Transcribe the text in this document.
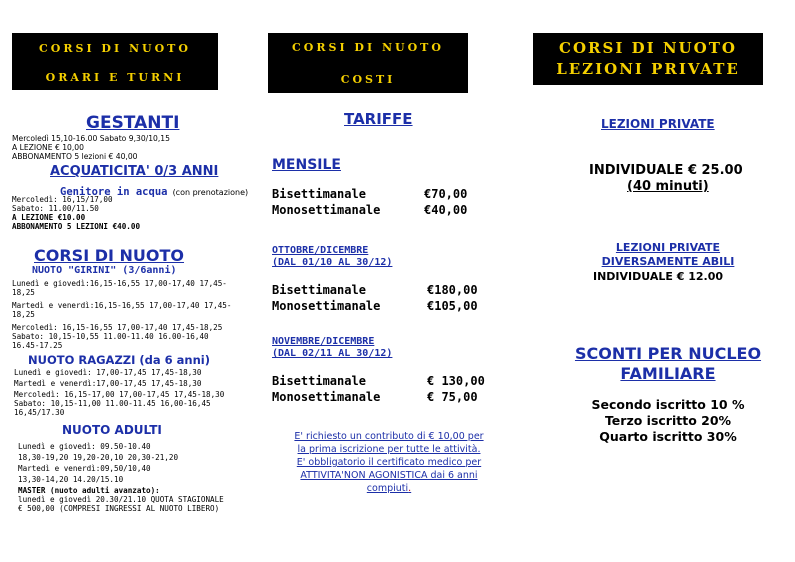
CORSI DI NUOTO
ORARI E TURNI
GESTANTI
Mercoledì 15,10-16.00 Sabato 9,30/10,15
A LEZIONE € 10,00
ABBONAMENTO 5 lezioni € 40,00
ACQUATICITA' 0/3 ANNI
Genitore in acqua (con prenotazione)
Mercoledì: 16,15/17,00
Sabato: 11.00/11.50
A LEZIONE €10.00
ABBONAMENTO 5 LEZIONI €40.00
CORSI DI NUOTO
NUOTO "GIRINI" (3/6anni)
Lunedì e giovedì:16,15-16,55 17,00-17,40 17,45-
18,25
Martedì e venerdì:16,15-16,55 17,00-17,40 17,45-
18,25
Mercoledì: 16,15-16,55 17,00-17,40 17,45-18,25
Sabato: 10,15-10,55 11.00-11.40 16.00-16,40
16.45-17.25
NUOTO RAGAZZI (da 6 anni)
Lunedì e giovedì: 17,00-17,45 17,45-18,30
Martedì e venerdì:17,00-17,45 17,45-18,30
Mercoledì: 16,15-17,00 17,00-17,45 17,45-18,30
Sabato: 10,15-11,00 11.00-11.45 16,00-16,45
16,45/17.30
NUOTO ADULTI
Lunedì e giovedì: 09.50-10.40
18,30-19,20 19,20-20,10 20,30-21,20
Martedì e venerdì:09,50/10,40
13,30-14,20 14.20/15.10
MASTER (nuoto adulti avanzato):
lunedì e giovedì 20.30/21.10 QUOTA STAGIONALE
€ 500,00 (COMPRESI INGRESSI AL NUOTO LIBERO)
CORSI DI NUOTO
COSTI
TARIFFE
MENSILE
Bisettimanale	€70,00
Monosettimanale	€40,00
OTTOBRE/DICEMBRE
(DAL 01/10 AL 30/12)
Bisettimanale	€180,00
Monosettimanale	€105,00
NOVEMBRE/DICEMBRE
(DAL 02/11 AL 30/12)
Bisettimanale	€ 130,00
Monosettimanale	€ 75,00
E' richiesto un contributo di € 10,00 per
la prima iscrizione per tutte le attività.
E' obbligatorio il certificato medico per
ATTIVITA'NON AGONISTICA dai 6 anni
compiuti.
CORSI DI NUOTO
LEZIONI PRIVATE
LEZIONI PRIVATE
INDIVIDUALE € 25.00
(40 minuti)
LEZIONI PRIVATE
DIVERSAMENTE ABILI
INDIVIDUALE € 12.00
SCONTI PER NUCLEO
FAMILIARE
Secondo iscritto 10 %
Terzo iscritto 20%
Quarto iscritto 30%
